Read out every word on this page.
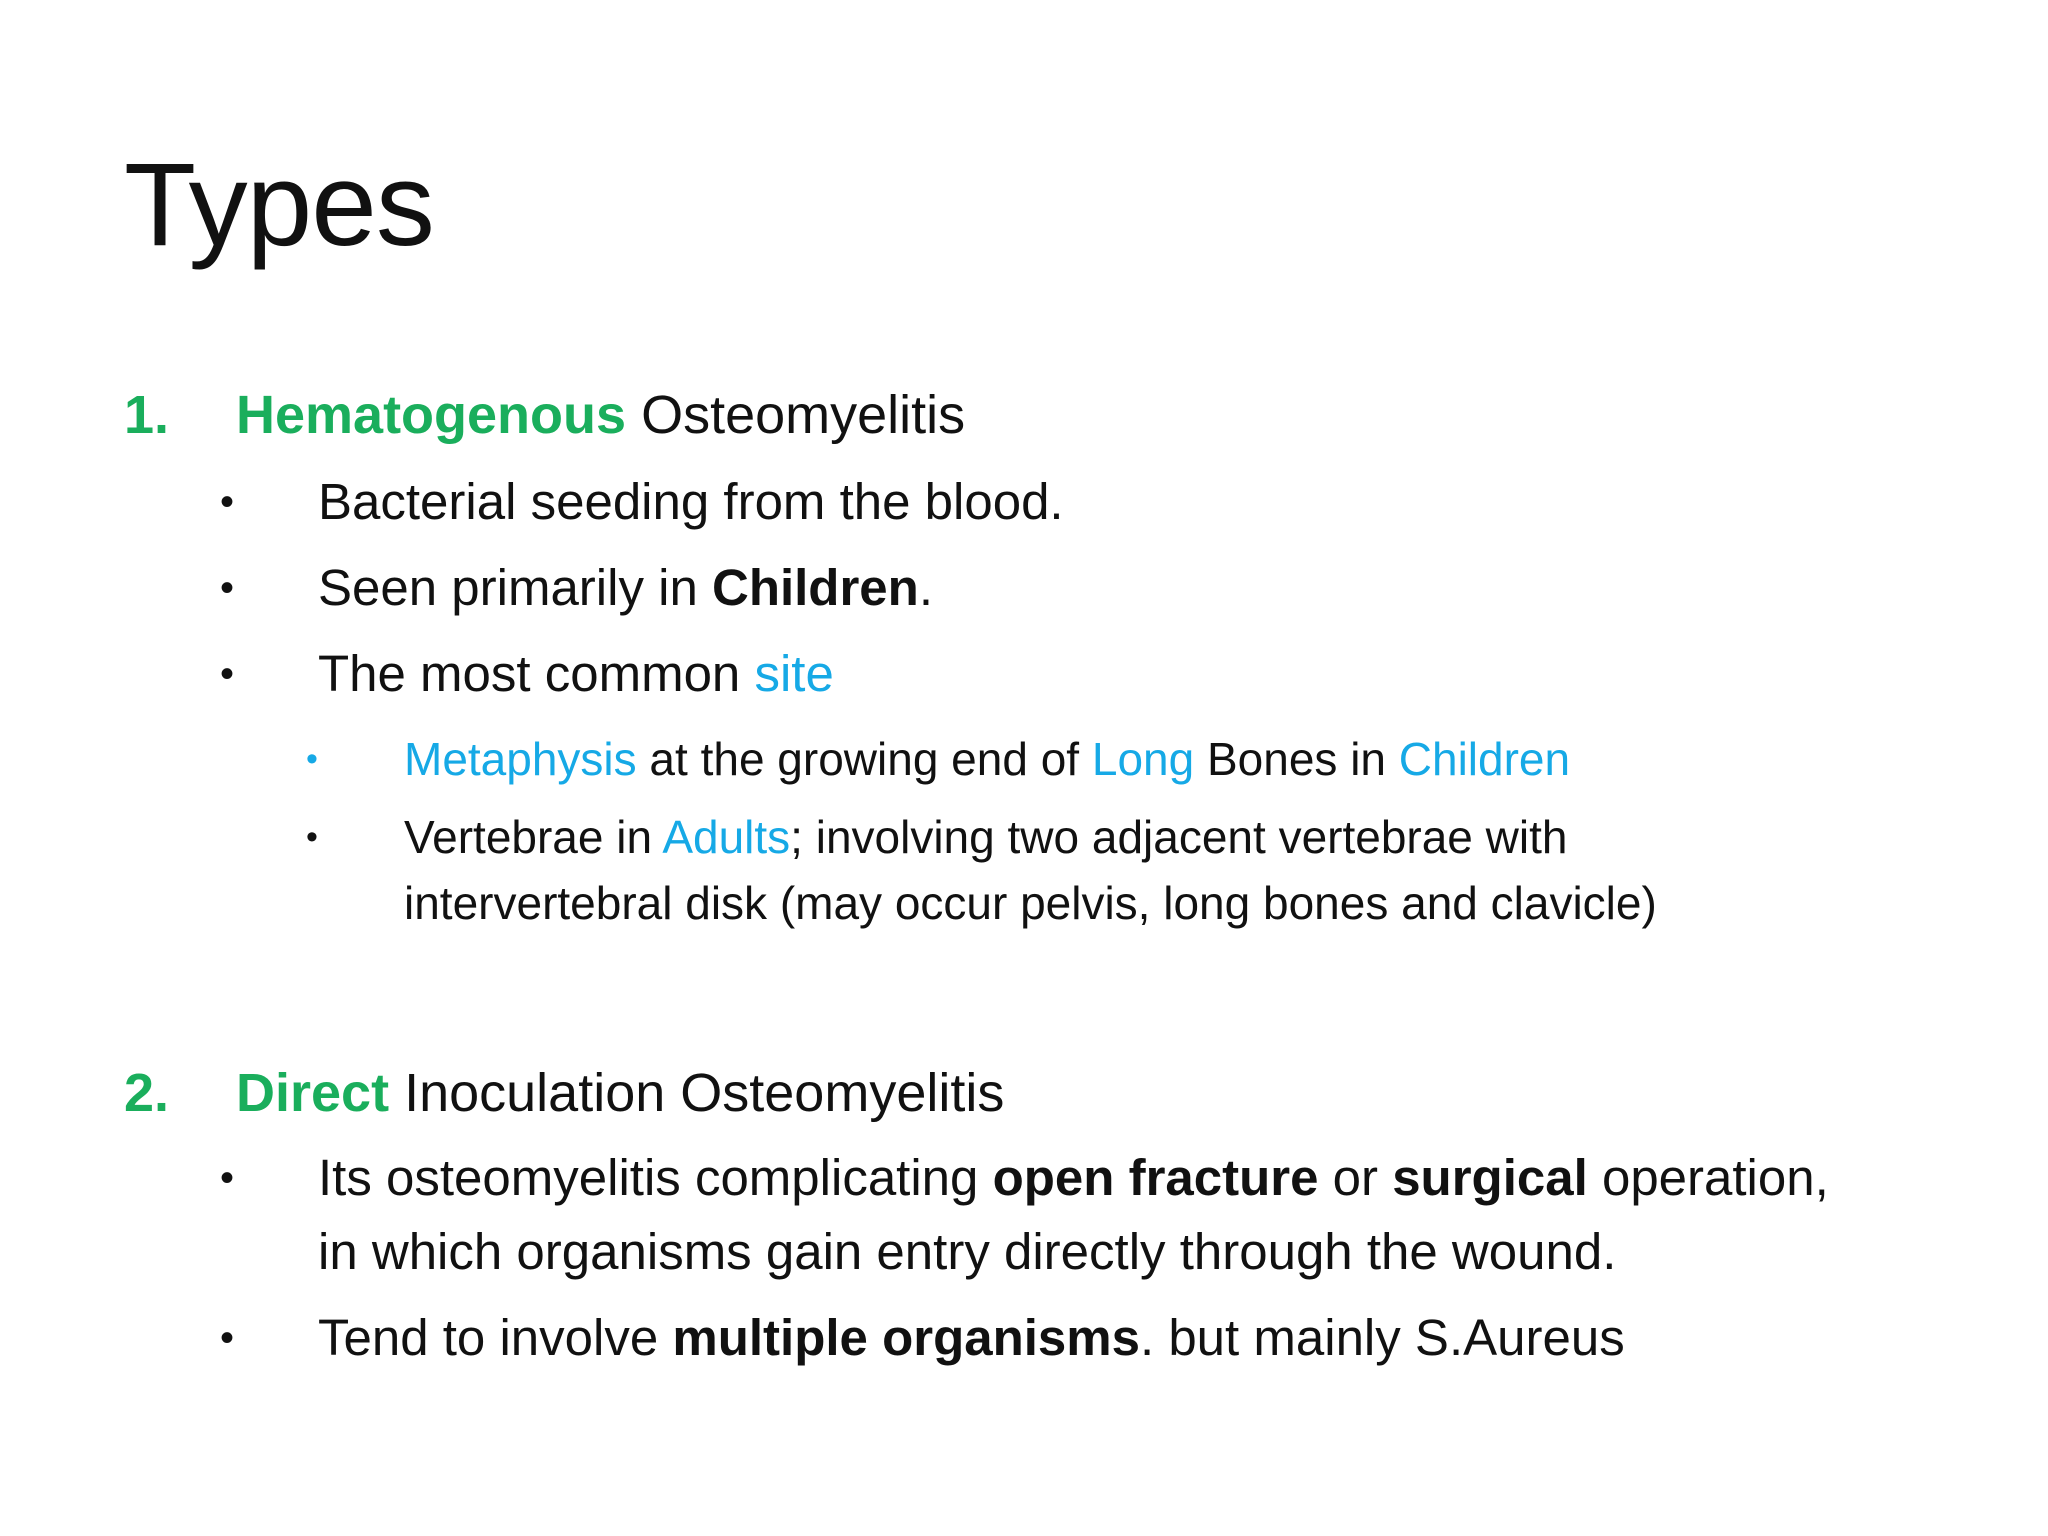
Types
1. Hematogenous Osteomyelitis
• Bacterial seeding from the blood.
• Seen primarily in Children.
• The most common site
• Metaphysis at the growing end of Long Bones in Children
• Vertebrae in Adults; involving two adjacent vertebrae with
intervertebral disk (may occur pelvis, long bones and clavicle)
2. Direct Inoculation Osteomyelitis
• Its osteomyelitis complicating open fracture or surgical operation,
in which organisms gain entry directly through the wound.
• Tend to involve multiple organisms. but mainly S.Aureus
